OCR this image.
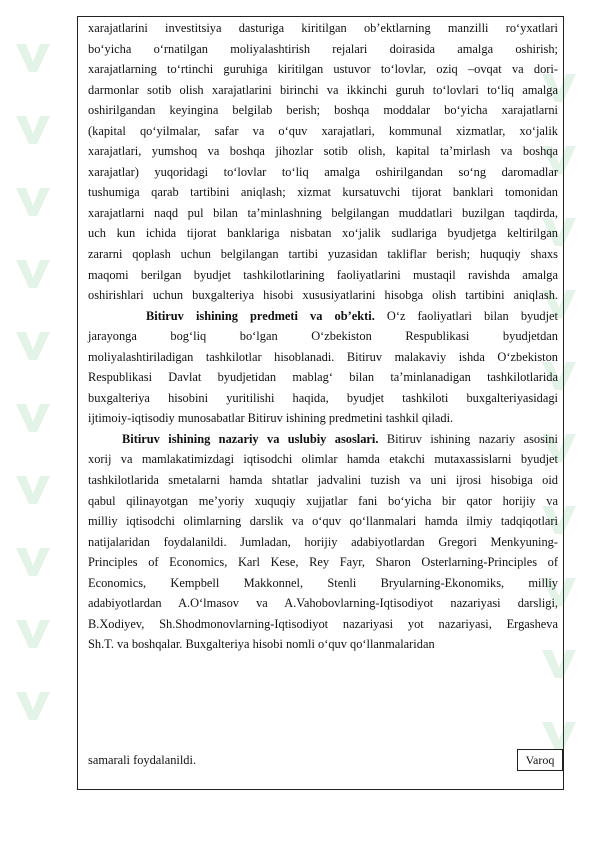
xarajatlarini investitsiya dasturiga kiritilgan ob’ektlarning manzilli ro‘yxatlari

bo‘yicha o‘rnatilgan moliyalashtirish rejalari doirasida amalga oshirish;

xarajatlarning to‘rtinchi guruhiga kiritilgan ustuvor to‘lovlar, oziq –ovqat va dori-

darmonlar sotib olish xarajatlarini birinchi va ikkinchi guruh to‘lovlari to‘liq amalga

oshirilgandan keyingina belgilab berish; boshqa moddalar bo‘yicha xarajatlarni

(kapital qo‘yilmalar, safar va o‘quv xarajatlari, kommunal xizmatlar, xo‘jalik

xarajatlari, yumshoq va boshqa jihozlar sotib olish, kapital ta’mirlash va boshqa

xarajatlar) yuqoridagi to‘lovlar to‘liq amalga oshirilgandan so‘ng daromadlar

tushumiga qarab tartibini aniqlash; xizmat kursatuvchi tijorat banklari tomonidan

xarajatlarni naqd pul bilan ta’minlashning belgilangan muddatlari buzilgan taqdirda,

uch kun ichida tijorat banklariga nisbatan xo‘jalik sudlariga byudjetga keltirilgan

zararni qoplash uchun belgilangan tartibi yuzasidan takliflar berish; huquqiy shaxs

maqomi berilgan byudjet tashkilotlarining faoliyatlarini mustaqil ravishda amalga

oshirishlari uchun buxgalteriya hisobi xususiyatlarini hisobga olish tartibini aniqlash.

Bitiruv ishining predmeti va ob’ekti. O‘z faoliyatlari bilan byudjet

jarayonga bog‘liq bo‘lgan O‘zbekiston Respublikasi byudjetdan

moliyalashtiriladigan tashkilotlar hisoblanadi. Bitiruv malakaviy ishda O‘zbekiston

Respublikasi Davlat byudjetidan mablag‘ bilan ta’minlanadigan tashkilotlarida

buxgalteriya hisobini yuritilishi haqida, byudjet tashkiloti buxgalteriyasidagi

ijtimoiy-iqtisodiy munosabatlar Bitiruv ishining predmetini tashkil qiladi.

Bitiruv ishining nazariy va uslubiy asoslari. Bitiruv ishining nazariy asosini

xorij va mamlakatimizdagi iqtisodchi olimlar hamda etakchi mutaxassislarni byudjet

tashkilotlarida smetalarni hamda shtatlar jadvalini tuzish va uni ijrosi hisobiga oid

qabul qilinayotgan me’yoriy xuquqiy xujjatlar fani bo‘yicha bir qator horijiy va

milliy iqtisodchi olimlarning darslik va o‘quv qo‘llanmalari hamda ilmiy tadqiqotlari

natijalaridan foydalanildi. Jumladan, horijiy adabiyotlardan Gregori Menkyuning-

Principles of Economics, Karl Kese, Rey Fayr, Sharon Osterlarning-Principles of

Economics, Kempbell Makkonnel, Stenli Bryularning-Ekonomiks, milliy

adabiyotlardan A.O‘lmasov va A.Vahobovlarning-Iqtisodiyot nazariyasi darsligi,

B.Xodiyev, Sh.Shodmonovlarning-Iqtisodiyot nazariyasi yot nazariyasi, Ergasheva

Sh.T. va boshqalar. Buxgalteriya hisobi nomli o‘quv qo‘llanmalaridan

samarali foydalanildi.	Varoq
